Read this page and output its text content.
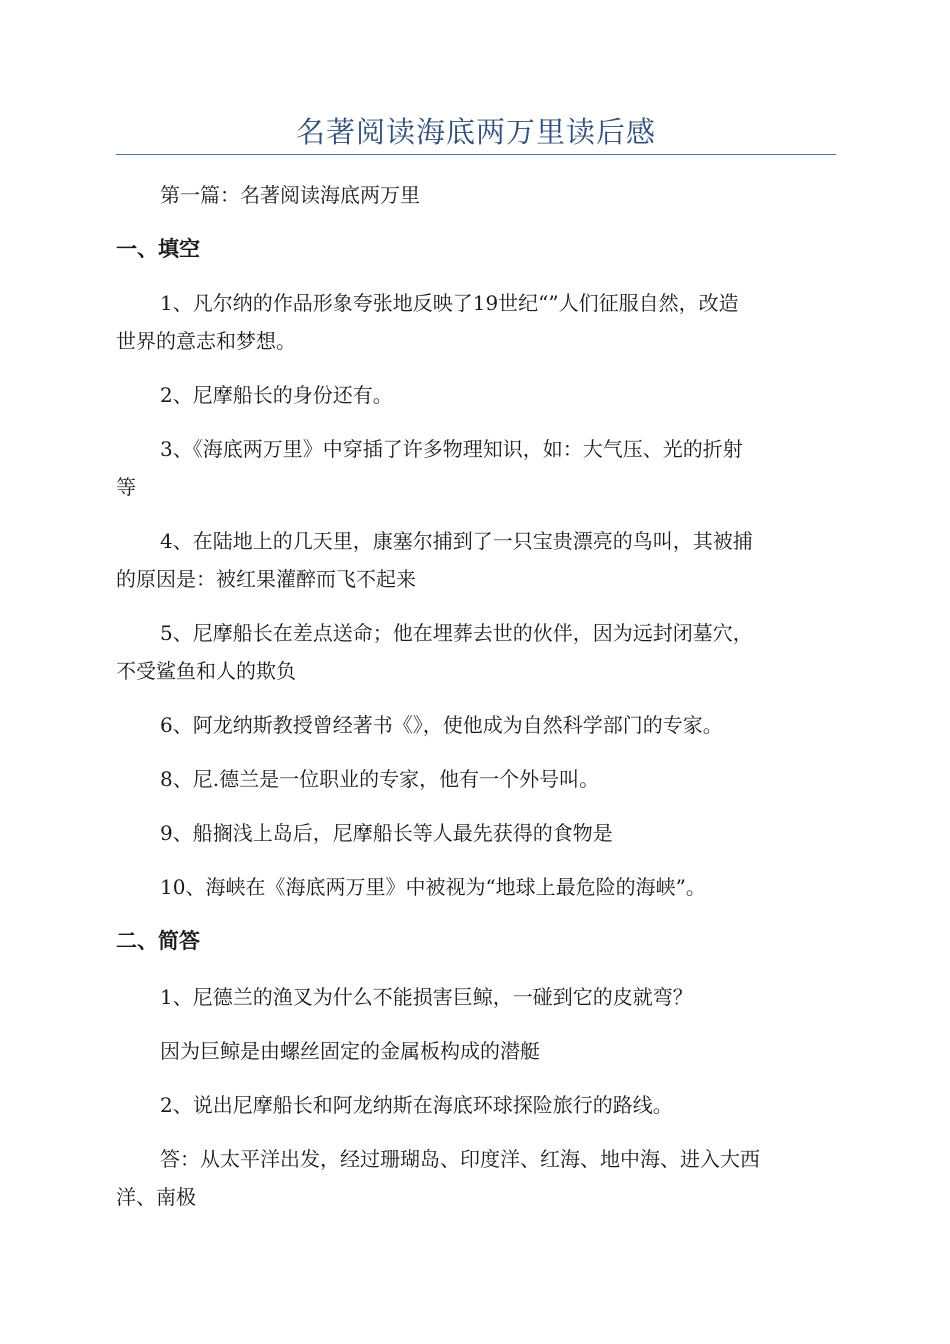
名著阅读海底两万里读后感
第一篇：名著阅读海底两万里
一、填空
1、凡尔纳的作品形象夸张地反映了19世纪“”人们征服自然，改造
世界的意志和梦想。
2、尼摩船长的身份还有。
3、《海底两万里》中穿插了许多物理知识，如：大气压、光的折射
等
4、在陆地上的几天里，康塞尔捕到了一只宝贵漂亮的鸟叫，其被捕
的原因是：被红果灌醉而飞不起来
5、尼摩船长在差点送命；他在埋葬去世的伙伴，因为远封闭墓穴，
不受鲨鱼和人的欺负
6、阿龙纳斯教授曾经著书《》，使他成为自然科学部门的专家。
8、尼.德兰是一位职业的专家，他有一个外号叫。
9、船搁浅上岛后，尼摩船长等人最先获得的食物是
10、海峡在《海底两万里》中被视为“地球上最危险的海峡”。
二、简答
1、尼德兰的渔叉为什么不能损害巨鲸，一碰到它的皮就弯？
因为巨鲸是由螺丝固定的金属板构成的潜艇
2、说出尼摩船长和阿龙纳斯在海底环球探险旅行的路线。
答：从太平洋出发，经过珊瑚岛、印度洋、红海、地中海、进入大西
洋、南极
